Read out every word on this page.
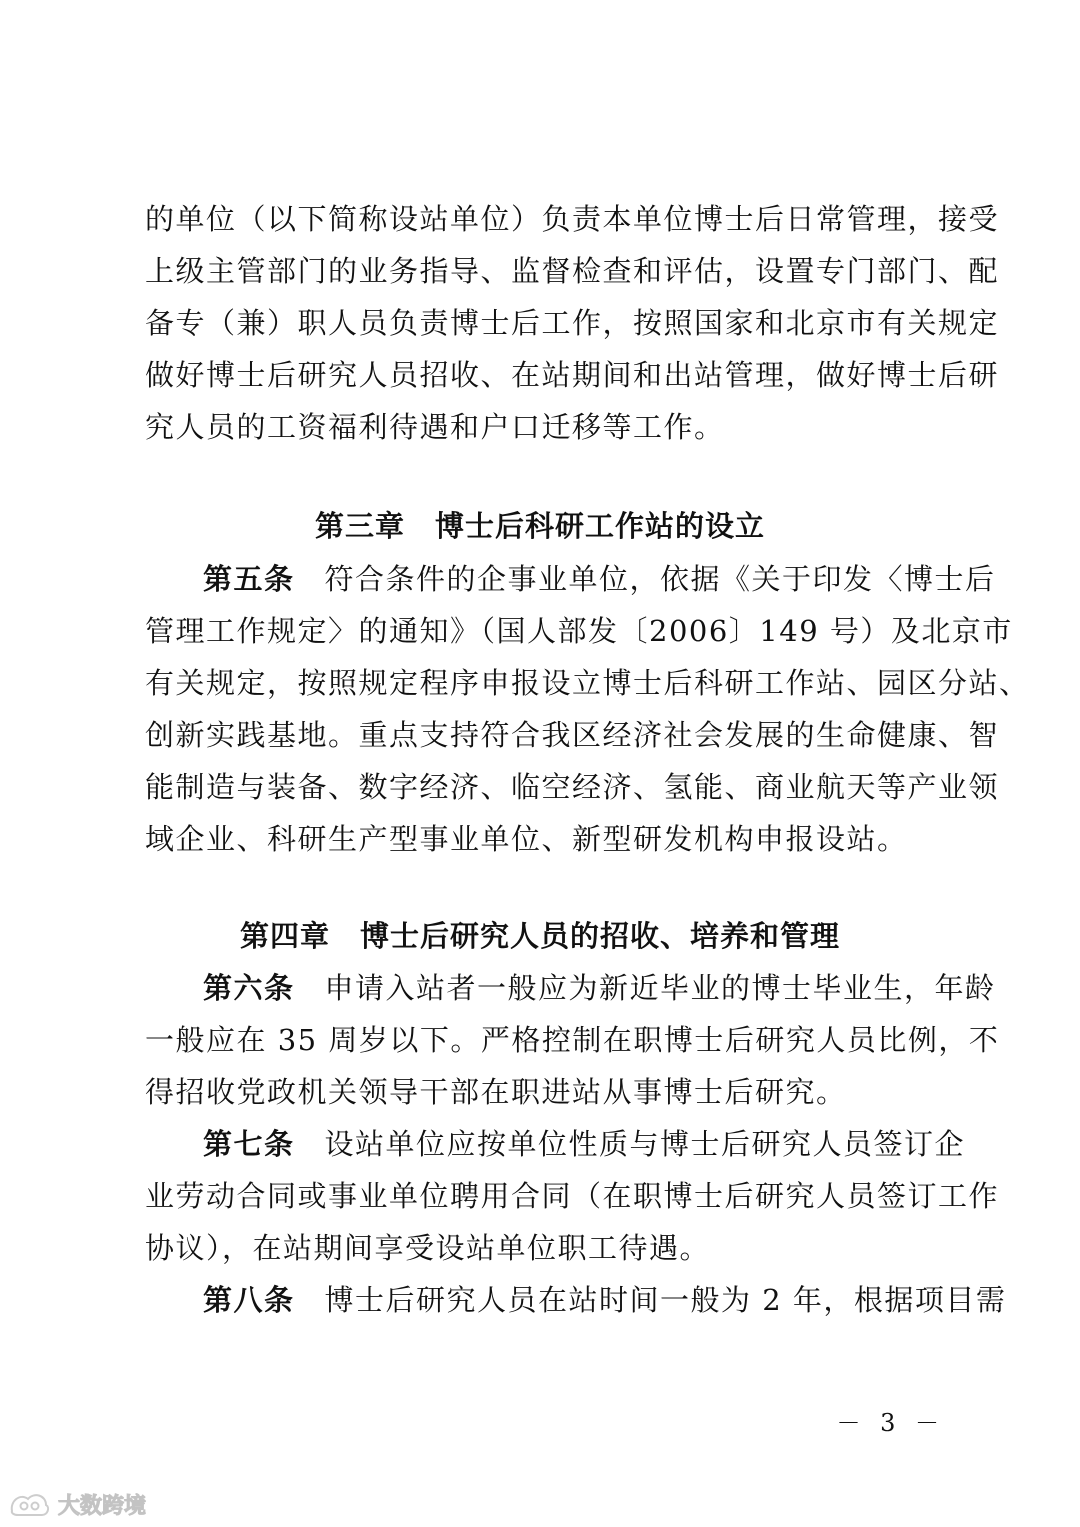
的单位（以下简称设站单位）负责本单位博士后日常管理，接受
上级主管部门的业务指导、监督检查和评估，设置专门部门、配
备专（兼）职人员负责博士后工作，按照国家和北京市有关规定
做好博士后研究人员招收、在站期间和出站管理，做好博士后研
究人员的工资福利待遇和户口迁移等工作。
第三章　博士后科研工作站的设立
第五条 符合条件的企事业单位，依据《关于印发〈博士后
管理工作规定〉的通知》（国人部发〔2006〕149 号）及北京市
有关规定，按照规定程序申报设立博士后科研工作站、园区分站、
创新实践基地。重点支持符合我区经济社会发展的生命健康、智
能制造与装备、数字经济、临空经济、氢能、商业航天等产业领
域企业、科研生产型事业单位、新型研发机构申报设站。
第四章　博士后研究人员的招收、培养和管理
第六条 申请入站者一般应为新近毕业的博士毕业生，年龄
一般应在 35 周岁以下。严格控制在职博士后研究人员比例，不
得招收党政机关领导干部在职进站从事博士后研究。
第七条 设站单位应按单位性质与博士后研究人员签订企
业劳动合同或事业单位聘用合同（在职博士后研究人员签订工作
协议），在站期间享受设站单位职工待遇。
第八条 博士后研究人员在站时间一般为 2 年，根据项目需
－ 3 －
大数跨境
